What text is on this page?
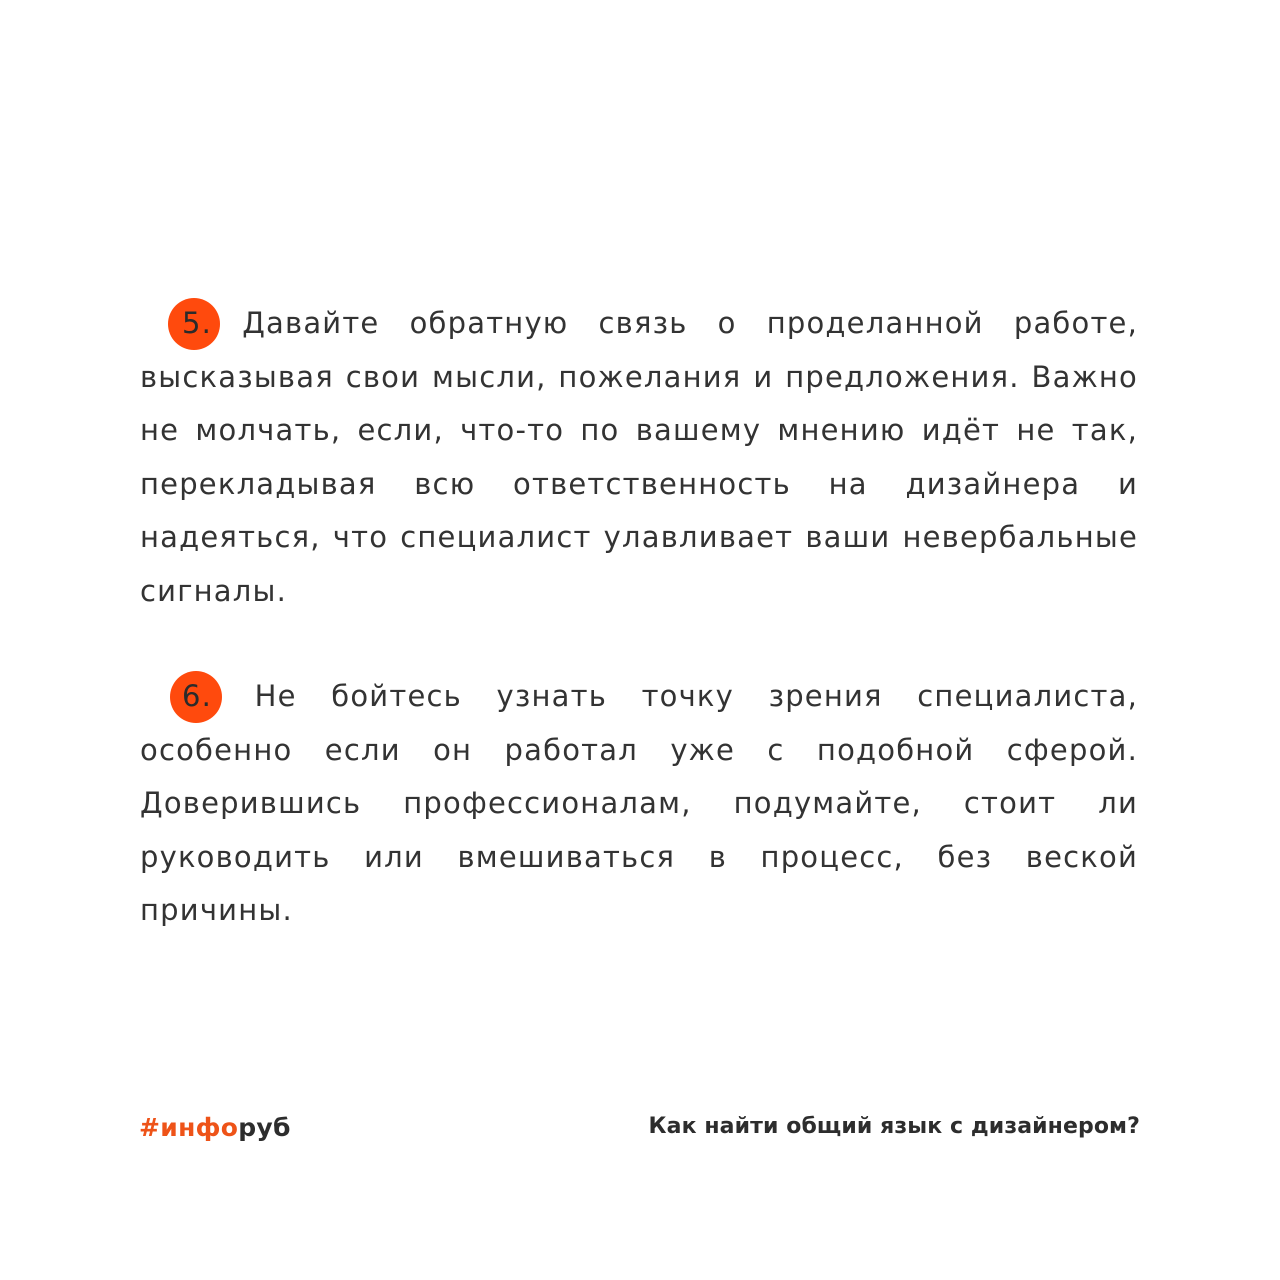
5. Давайте обратную связь о проделанной работе, высказывая свои мысли, пожелания и предложения. Важно не молчать, если, что-то по вашему мнению идёт не так, перекладывая всю ответственность на дизайнера и надеяться, что специалист улавливает ваши невербальные сигналы.

6. Не бойтесь узнать точку зрения специалиста, особенно если он работал уже с подобной сферой. Доверившись профессионалам, подумайте, стоит ли руководить или вмешиваться в процесс, без веской причины.

#инфоруб	Как найти общий язык с дизайнером?
